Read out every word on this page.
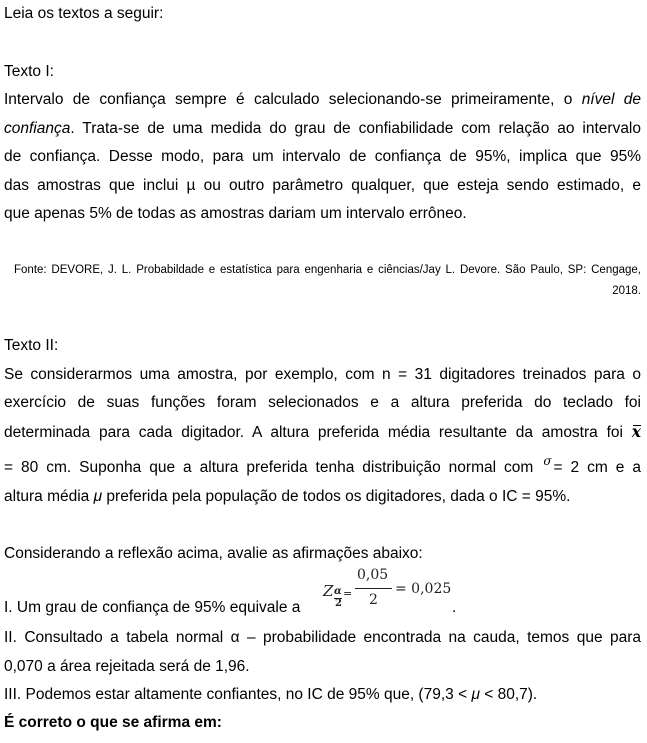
Leia os textos a seguir:
Texto I:
Intervalo de confiança sempre é calculado selecionando-se primeiramente, o nível de
confiança. Trata-se de uma medida do grau de confiabilidade com relação ao intervalo
de confiança. Desse modo, para um intervalo de confiança de 95%, implica que 95%
das amostras que inclui µ ou outro parâmetro qualquer, que esteja sendo estimado, e
que apenas 5% de todas as amostras dariam um intervalo errôneo.
Fonte: DEVORE, J. L. Probabildade e estatística para engenharia e ciências/Jay L. Devore. São Paulo, SP: Cengage,
2018.
Texto II:
Se considerarmos uma amostra, por exemplo, com n = 31 digitadores treinados para o
exercício de suas funções foram selecionados e a altura preferida do teclado foi
determinada para cada digitador. A altura preferida média resultante da amostra foi x
= 80 cm. Suponha que a altura preferida tenha distribuição normal com $^\sigma$ = 2 cm e a
altura média μ preferida pela população de todos os digitadores, dada o IC = 95%.
Considerando a reflexão acima, avalie as afirmações abaixo:
I. Um grau de confiança de 95% equivale a
Z α
2
=
0,05
2
= 0,025
.
II. Consultado a tabela normal α – probabilidade encontrada na cauda, temos que para
0,070 a área rejeitada será de 1,96.
III. Podemos estar altamente confiantes, no IC de 95% que, (79,3 < μ < 80,7).
É correto o que se afirma em:
